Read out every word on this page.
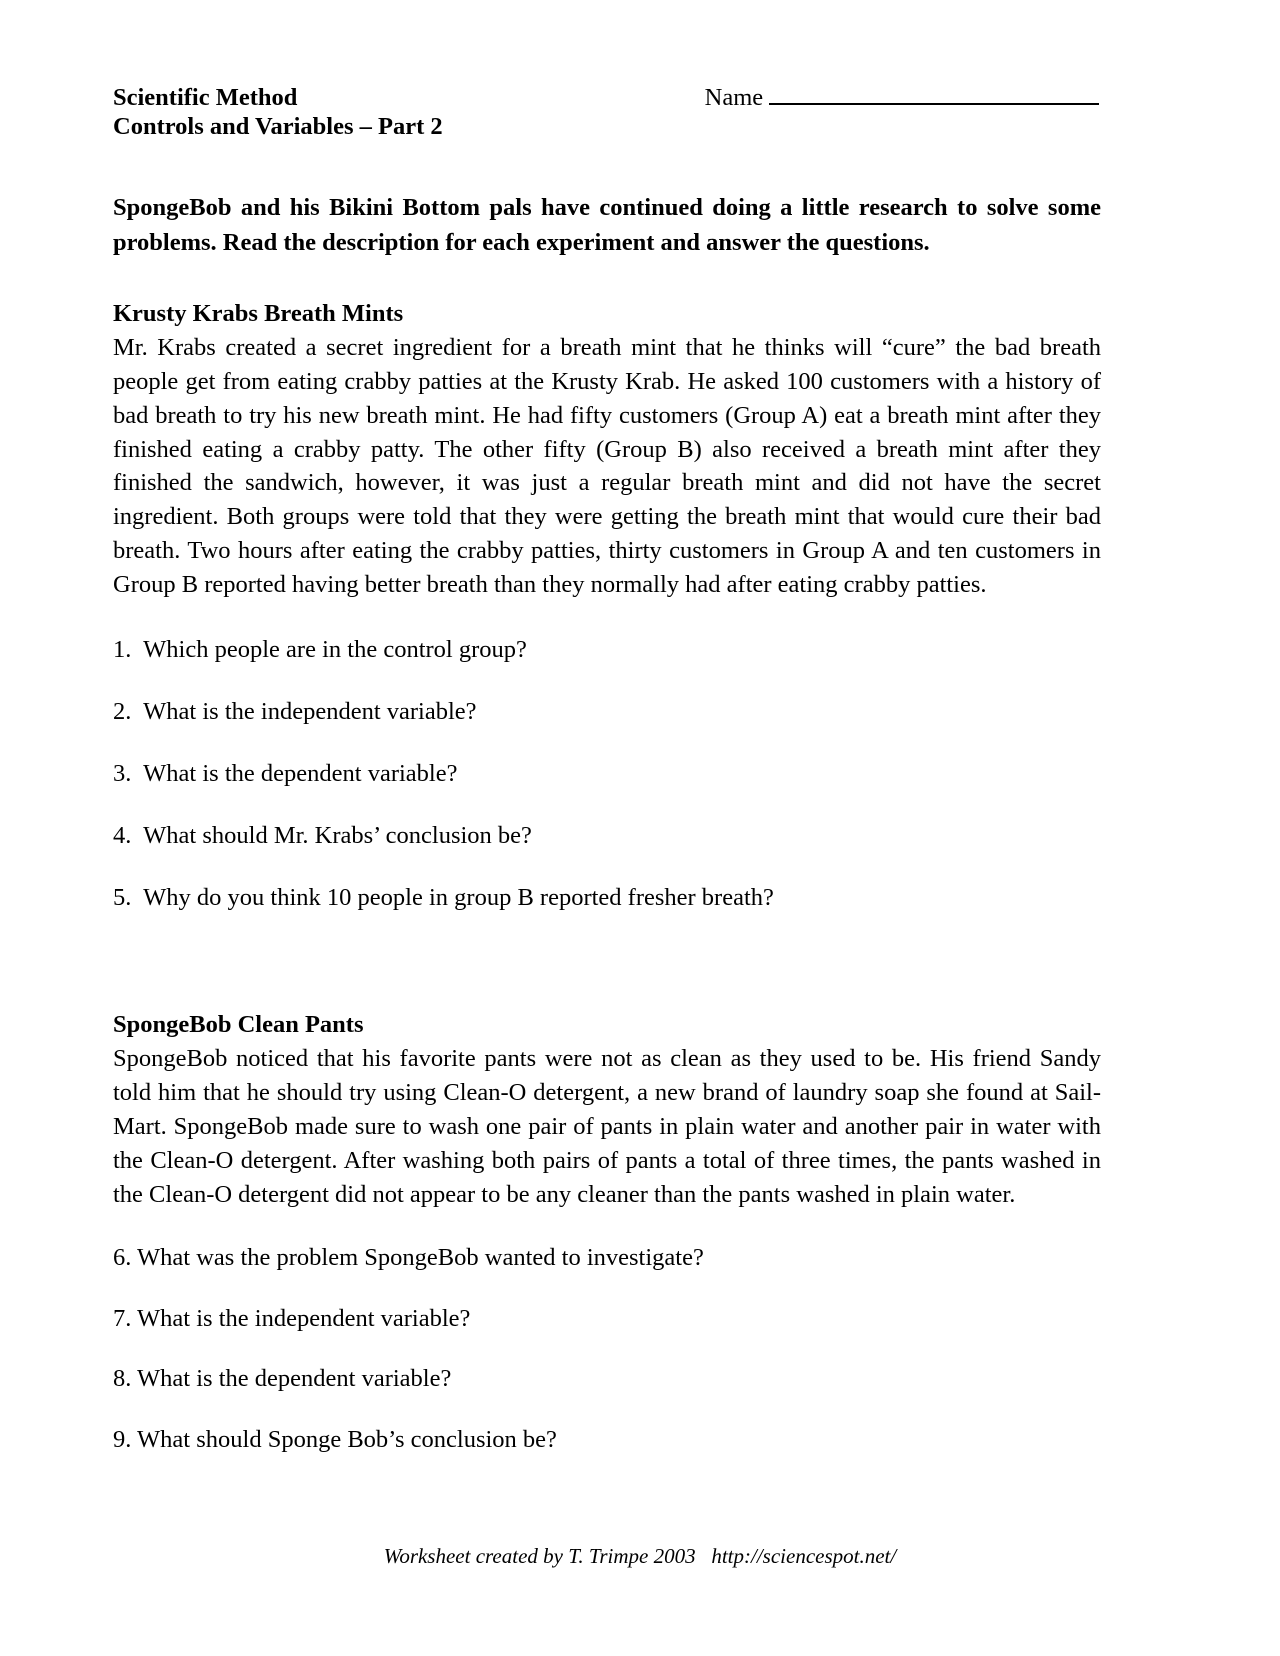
Scientific Method
Controls and Variables – Part 2
Name

SpongeBob and his Bikini Bottom pals have continued doing a little research to solve some problems. Read the description for each experiment and answer the questions.

Krusty Krabs Breath Mints

Mr. Krabs created a secret ingredient for a breath mint that he thinks will “cure” the bad breath people get from eating crabby patties at the Krusty Krab. He asked 100 customers with a history of bad breath to try his new breath mint. He had fifty customers (Group A) eat a breath mint after they finished eating a crabby patty. The other fifty (Group B) also received a breath mint after they finished the sandwich, however, it was just a regular breath mint and did not have the secret ingredient. Both groups were told that they were getting the breath mint that would cure their bad breath. Two hours after eating the crabby patties, thirty customers in Group A and ten customers in Group B reported having better breath than they normally had after eating crabby patties.

1.  Which people are in the control group?
2.  What is the independent variable?
3.  What is the dependent variable?
4.  What should Mr. Krabs’ conclusion be?
5.  Why do you think 10 people in group B reported fresher breath?
SpongeBob Clean Pants

SpongeBob noticed that his favorite pants were not as clean as they used to be. His friend Sandy told him that he should try using Clean-O detergent, a new brand of laundry soap she found at Sail-Mart. SpongeBob made sure to wash one pair of pants in plain water and another pair in water with the Clean-O detergent. After washing both pairs of pants a total of three times, the pants washed in the Clean-O detergent did not appear to be any cleaner than the pants washed in plain water.

6. What was the problem SpongeBob wanted to investigate?
7. What is the independent variable?
8. What is the dependent variable?
9. What should Sponge Bob’s conclusion be?
Worksheet created by T. Trimpe 2003   http://sciencespot.net/
